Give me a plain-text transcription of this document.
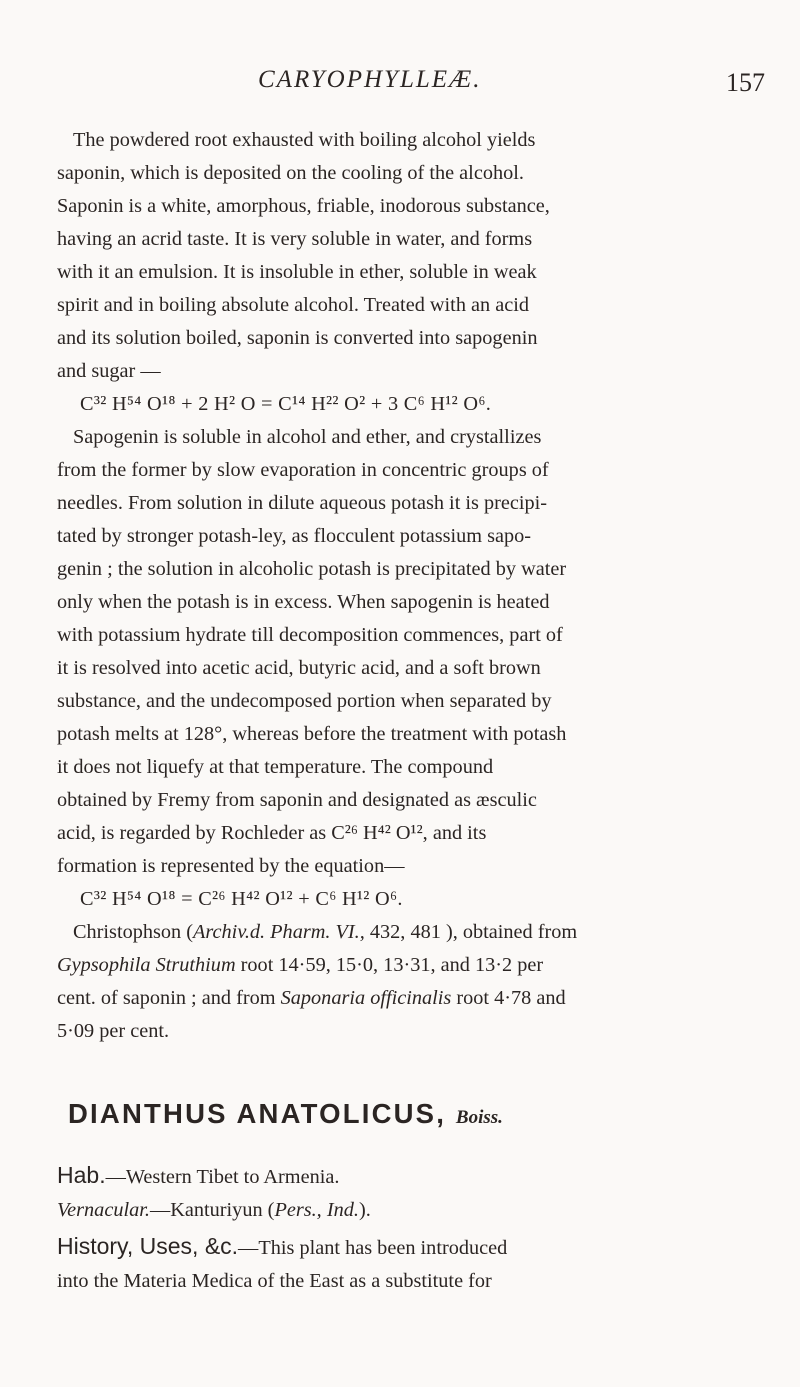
CARYOPHYLLEÆ.	157
The powdered root exhausted with boiling alcohol yields
saponin, which is deposited on the cooling of the alcohol.
Saponin is a white, amorphous, friable, inodorous substance,
having an acrid taste. It is very soluble in water, and forms
with it an emulsion. It is insoluble in ether, soluble in weak
spirit and in boiling absolute alcohol. Treated with an acid
and its solution boiled, saponin is converted into sapogenin
and sugar —
C³² H⁵⁴ O¹⁸ + 2 H² O = C¹⁴ H²² O² + 3 C⁶ H¹² O⁶.
Sapogenin is soluble in alcohol and ether, and crystallizes
from the former by slow evaporation in concentric groups of
needles. From solution in dilute aqueous potash it is precipi-
tated by stronger potash-ley, as flocculent potassium sapo-
genin ; the solution in alcoholic potash is precipitated by water
only when the potash is in excess. When sapogenin is heated
with potassium hydrate till decomposition commences, part of
it is resolved into acetic acid, butyric acid, and a soft brown
substance, and the undecomposed portion when separated by
potash melts at 128°, whereas before the treatment with potash
it does not liquefy at that temperature. The compound
obtained by Fremy from saponin and designated as æsculic
acid, is regarded by Rochleder as C²⁶ H⁴² O¹², and its
formation is represented by the equation—
C³² H⁵⁴ O¹⁸ = C²⁶ H⁴² O¹² + C⁶ H¹² O⁶.
Christophson (Archiv.d. Pharm. VI., 432, 481 ), obtained from
Gypsophila Struthium root 14·59, 15·0, 13·31, and 13·2 per
cent. of saponin ; and from Saponaria officinalis root 4·78 and
5·09 per cent.
DIANTHUS ANATOLICUS, Boiss.
Hab.—Western Tibet to Armenia.
Vernacular.—Kanturiyun (Pers., Ind.).
History, Uses, &c.—This plant has been introduced
into the Materia Medica of the East as a substitute for
